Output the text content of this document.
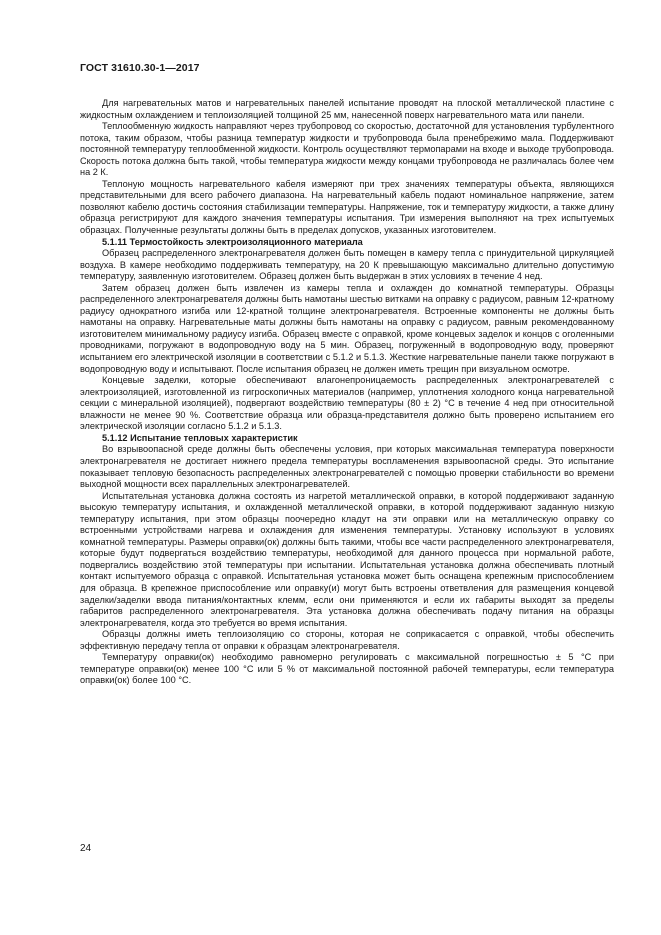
ГОСТ 31610.30-1—2017

Для нагревательных матов и нагревательных панелей испытание проводят на плоской металлической пластине с жидкостным охлаждением и теплоизоляцией толщиной 25 мм, нанесенной поверх нагревательного мата или панели.

Теплообменную жидкость направляют через трубопровод со скоростью, достаточной для установления турбулентного потока, таким образом, чтобы разница температур жидкости и трубопровода была пренебрежимо мала. Поддерживают постоянной температуру теплообменной жидкости. Контроль осуществляют термопарами на входе и выходе трубопровода. Скорость потока должна быть такой, чтобы температура жидкости между концами трубопровода не различалась более чем на 2 К.

Теплоную мощность нагревательного кабеля измеряют при трех значениях температуры объекта, являющихся представительными для всего рабочего диапазона. На нагревательный кабель подают номинальное напряжение, затем позволяют кабелю достичь состояния стабилизации температуры. Напряжение, ток и температуру жидкости, а также длину образца регистрируют для каждого значения температуры испытания. Три измерения выполняют на трех испытуемых образцах. Полученные результаты должны быть в пределах допусков, указанных изготовителем.

5.1.11 Термостойкость электроизоляционного материала

Образец распределенного электронагревателя должен быть помещен в камеру тепла с принудительной циркуляцией воздуха. В камере необходимо поддерживать температуру, на 20 К превышающую максимально длительно допустимую температуру, заявленную изготовителем. Образец должен быть выдержан в этих условиях в течение 4 нед.

Затем образец должен быть извлечен из камеры тепла и охлажден до комнатной температуры. Образцы распределенного электронагревателя должны быть намотаны шестью витками на оправку с радиусом, равным 12-кратному радиусу однократного изгиба или 12-кратной толщине электронагревателя. Встроенные компоненты не должны быть намотаны на оправку. Нагревательные маты должны быть намотаны на оправку с радиусом, равным рекомендованному изготовителем минимальному радиусу изгиба. Образец вместе с оправкой, кроме концевых заделок и концов с оголенными проводниками, погружают в водопроводную воду на 5 мин. Образец, погруженный в водопроводную воду, проверяют испытанием его электрической изоляции в соответствии с 5.1.2 и 5.1.3. Жесткие нагревательные панели также погружают в водопроводную воду и испытывают. После испытания образец не должен иметь трещин при визуальном осмотре.

Концевые заделки, которые обеспечивают влагонепроницаемость распределенных электронагревателей с электроизоляцией, изготовленной из гигроскопичных материалов (например, уплотнения холодного конца нагревательной секции с минеральной изоляцией), подвергают воздействию температуры (80 ± 2) °С в течение 4 нед при относительной влажности не менее 90 %. Соответствие образца или образца-представителя должно быть проверено испытанием его электрической изоляции согласно 5.1.2 и 5.1.3.

5.1.12 Испытание тепловых характеристик

Во взрывоопасной среде должны быть обеспечены условия, при которых максимальная температура поверхности электронагревателя не достигает нижнего предела температуры воспламенения взрывоопасной среды. Это испытание показывает тепловую безопасность распределенных электронагревателей с помощью проверки стабильности во времени выходной мощности всех параллельных электронагревателей.

Испытательная установка должна состоять из нагретой металлической оправки, в которой поддерживают заданную высокую температуру испытания, и охлажденной металлической оправки, в которой поддерживают заданную низкую температуру испытания, при этом образцы поочередно кладут на эти оправки или на металлическую оправку со встроенными устройствами нагрева и охлаждения для изменения температуры. Установку используют в условиях комнатной температуры. Размеры оправки(ок) должны быть такими, чтобы все части распределенного электронагревателя, которые будут подвергаться воздействию температуры, необходимой для данного процесса при нормальной работе, подвергались воздействию этой температуры при испытании. Испытательная установка должна обеспечивать плотный контакт испытуемого образца с оправкой. Испытательная установка может быть оснащена крепежным приспособлением для образца. В крепежное приспособление или оправку(и) могут быть встроены ответвления для размещения концевой заделки/заделки ввода питания/контактных клемм, если они применяются и если их габариты выходят за пределы габаритов распределенного электронагревателя. Эта установка должна обеспечивать подачу питания на образцы электронагревателя, когда это требуется во время испытания.

Образцы должны иметь теплоизоляцию со стороны, которая не соприкасается с оправкой, чтобы обеспечить эффективную передачу тепла от оправки к образцам электронагревателя.

Температуру оправки(ок) необходимо равномерно регулировать с максимальной погрешностью ± 5 °С при температуре оправки(ок) менее 100 °С или 5 % от максимальной постоянной рабочей температуры, если температура оправки(ок) более 100 °С.

24
